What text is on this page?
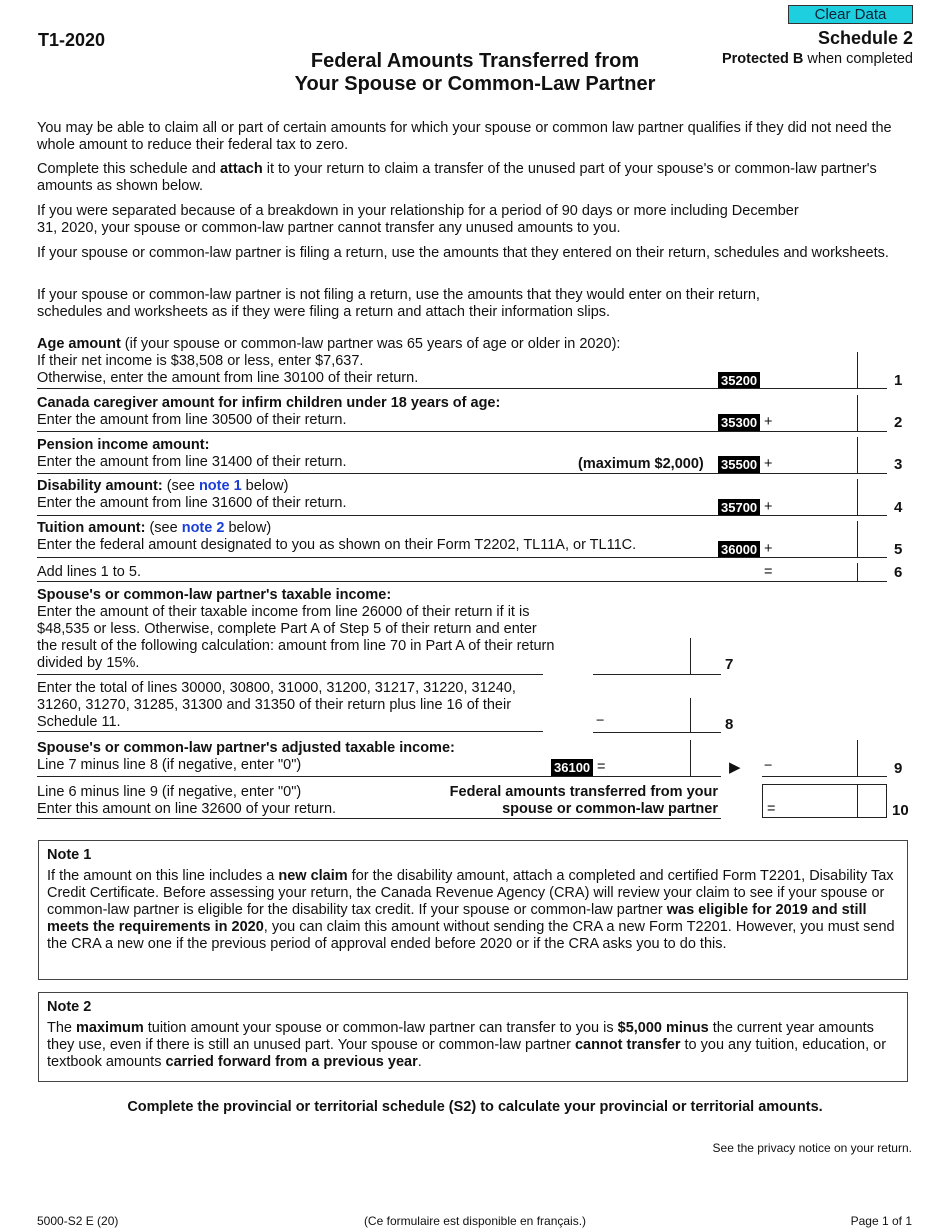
T1-2020
Federal Amounts Transferred from
Your Spouse or Common-Law Partner
Clear Data
Schedule 2
Protected B when completed
You may be able to claim all or part of certain amounts for which your spouse or common law partner qualifies if they did not need the whole amount to reduce their federal tax to zero.
Complete this schedule and attach it to your return to claim a transfer of the unused part of your spouse's or common-law partner's amounts as shown below.
If you were separated because of a breakdown in your relationship for a period of 90 days or more including December 31, 2020, your spouse or common-law partner cannot transfer any unused amounts to you.
If your spouse or common-law partner is filing a return, use the amounts that they entered on their return, schedules and worksheets.
If your spouse or common-law partner is not filing a return, use the amounts that they would enter on their return, schedules and worksheets as if they were filing a return and attach their information slips.
Age amount (if your spouse or common-law partner was 65 years of age or older in 2020):
If their net income is $38,508 or less, enter $7,637.
Otherwise, enter the amount from line 30100 of their return.	35200	1
Canada caregiver amount for infirm children under 18 years of age:
Enter the amount from line 30500 of their return.	35300 +	2
Pension income amount:
Enter the amount from line 31400 of their return.	(maximum $2,000) 35500 +	3
Disability amount: (see note 1 below)
Enter the amount from line 31600 of their return.	35700 +	4
Tuition amount: (see note 2 below)
Enter the federal amount designated to you as shown on their Form T2202, TL11A, or TL11C.	36000 +	5
Add lines 1 to 5.	=	6
Spouse's or common-law partner's taxable income:
Enter the amount of their taxable income from line 26000 of their return if it is $48,535 or less. Otherwise, complete Part A of Step 5 of their return and enter the result of the following calculation: amount from line 70 in Part A of their return divided by 15%.	7
Enter the total of lines 30000, 30800, 31000, 31200, 31217, 31220, 31240, 31260, 31270, 31285, 31300 and 31350 of their return plus line 16 of their Schedule 11.	−	8
Spouse's or common-law partner's adjusted taxable income:
Line 7 minus line 8 (if negative, enter "0")	36100 =	▶ −	9
Line 6 minus line 9 (if negative, enter "0")
Enter this amount on line 32600 of your return.
Federal amounts transferred from your
spouse or common-law partner	=	10
Note 1
If the amount on this line includes a new claim for the disability amount, attach a completed and certified Form T2201, Disability Tax Credit Certificate. Before assessing your return, the Canada Revenue Agency (CRA) will review your claim to see if your spouse or common-law partner is eligible for the disability tax credit. If your spouse or common-law partner was eligible for 2019 and still meets the requirements in 2020, you can claim this amount without sending the CRA a new Form T2201. However, you must send the CRA a new one if the previous period of approval ended before 2020 or if the CRA asks you to do this.
Note 2
The maximum tuition amount your spouse or common-law partner can transfer to you is $5,000 minus the current year amounts they use, even if there is still an unused part. Your spouse or common-law partner cannot transfer to you any tuition, education, or textbook amounts carried forward from a previous year.
Complete the provincial or territorial schedule (S2) to calculate your provincial or territorial amounts.
See the privacy notice on your return.
5000-S2 E (20)	(Ce formulaire est disponible en français.)	Page 1 of 1
